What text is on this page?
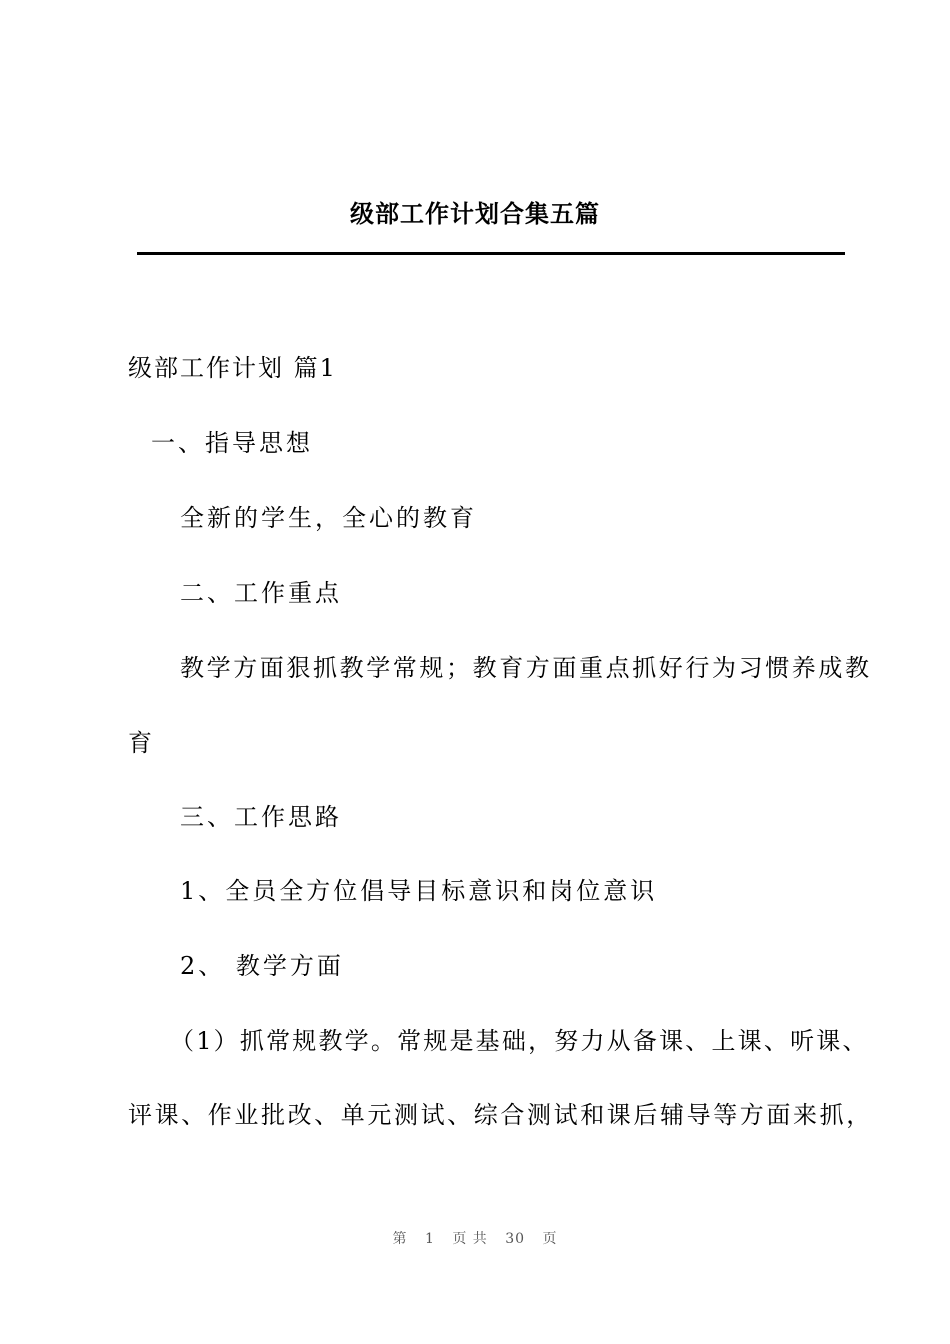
级部工作计划合集五篇
级部工作计划 篇1
一、指导思想
全新的学生，全心的教育
二、工作重点
教学方面狠抓教学常规；教育方面重点抓好行为习惯养成教
育
三、工作思路
1、全员全方位倡导目标意识和岗位意识
2、 教学方面
（1）抓常规教学。常规是基础，努力从备课、上课、听课、
评课、作业批改、单元测试、综合测试和课后辅导等方面来抓，
第 1 页 共 30 页
